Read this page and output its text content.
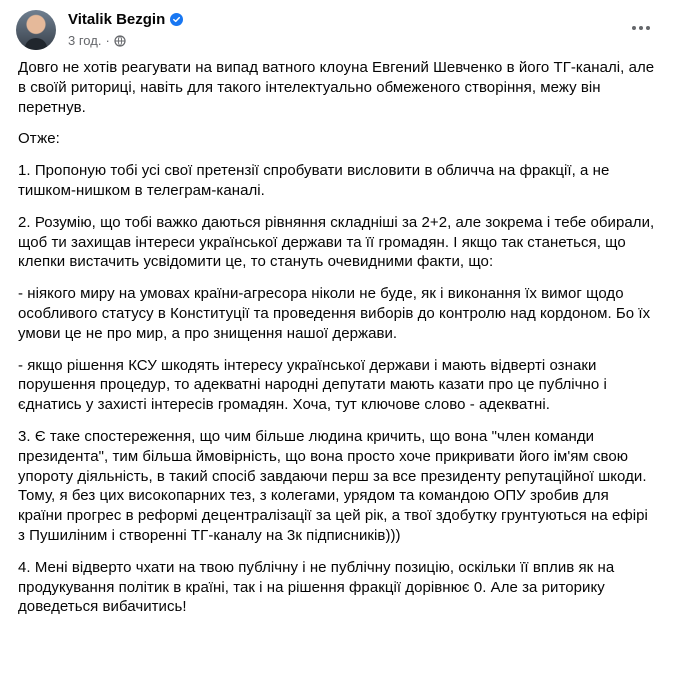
Vitalik Bezgin
3 год. ·

Довго не хотів реагувати на випад ватного клоуна Евгений Шевченко в його ТГ-каналі, але в своїй риториці, навіть для такого інтелектуально обмеженого створіння, межу він перетнув.

Отже:

1. Пропоную тобі усі свої претензії спробувати висловити в обличча на фракції, а не тишком-нишком в телеграм-каналі.

2. Розумію, що тобі важко даються рівняння складніші за 2+2, але зокрема і тебе обирали, щоб ти захищав інтереси української держави та її громадян. І якщо так станеться, що клепки вистачить усвідомити це, то стануть очевидними факти, що:

- ніякого миру на умовах країни-агресора ніколи не буде, як і виконання їх вимог щодо особливого статусу в Конституції та проведення виборів до контролю над кордоном. Бо їх умови це не про мир, а про знищення нашої держави.

- якщо рішення КСУ шкодять інтересу української держави і мають відверті ознаки порушення процедур, то адекватні народні депутати мають казати про це публічно і єднатись у захисті інтересів громадян. Хоча, тут ключове слово - адекватні.

3. Є таке спостереження, що чим більше людина кричить, що вона "член команди президента", тим більша ймовірність, що вона просто хоче прикривати його ім'ям свою упороту діяльність, в такий спосіб завдаючи перш за все президенту репутаційної шкоди. Тому, я без цих високопарних тез, з колегами, урядом та командою ОПУ зробив для країни прогрес в реформі децентралізації за цей рік, а твої здобутку грунтуються на ефірі з Пушиліним і створенні ТГ-каналу на 3к підписників)))

4. Мені відверто чхати на твою публічну і не публічну позицію, оскільки її вплив як на продукування політик в країні, так і на рішення фракції дорівнює 0. Але за риторику доведеться вибачитись!
